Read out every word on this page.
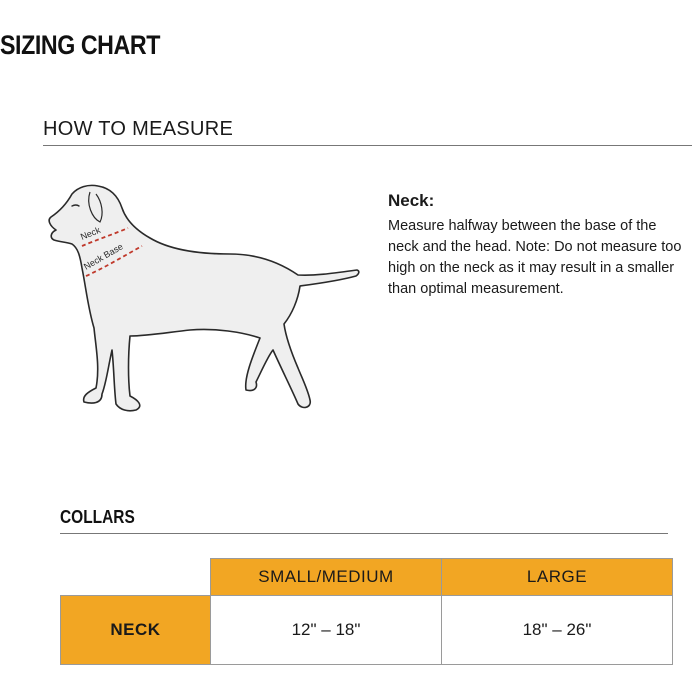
SIZING CHART
HOW TO MEASURE
Neck
Neck Base
Neck:
Measure halfway between the base of the neck and the head. Note: Do not measure too high on the neck as it may result in a smaller than optimal measurement.
COLLARS
	SMALL/MEDIUM	LARGE
NECK	12" – 18"	18" – 26"
